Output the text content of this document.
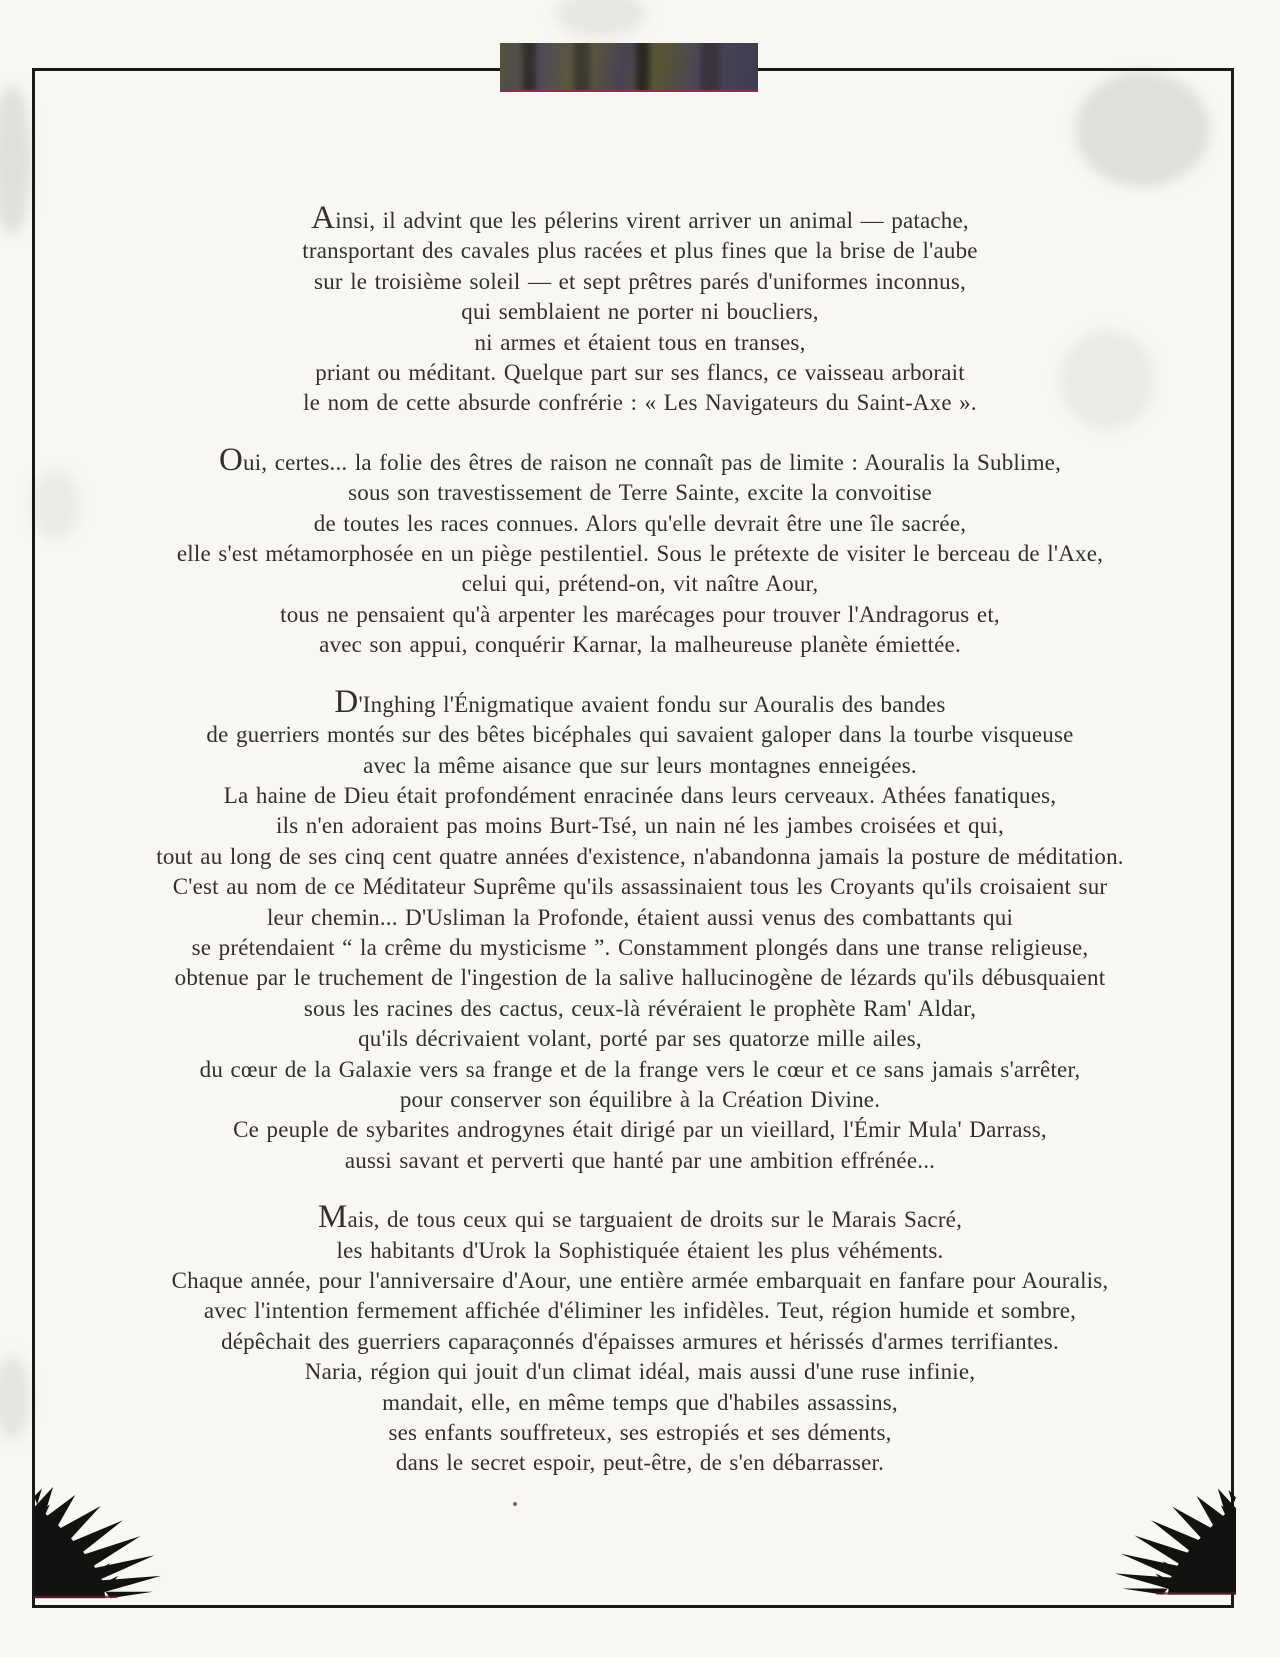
Ainsi, il advint que les pélerins virent arriver un animal — patache,
transportant des cavales plus racées et plus fines que la brise de l'aube
sur le troisième soleil — et sept prêtres parés d'uniformes inconnus,
qui semblaient ne porter ni boucliers,
ni armes et étaient tous en transes,
priant ou méditant. Quelque part sur ses flancs, ce vaisseau arborait
le nom de cette absurde confrérie : « Les Navigateurs du Saint-Axe ».
Oui, certes... la folie des êtres de raison ne connaît pas de limite : Aouralis la Sublime,
sous son travestissement de Terre Sainte, excite la convoitise
de toutes les races connues. Alors qu'elle devrait être une île sacrée,
elle s'est métamorphosée en un piège pestilentiel. Sous le prétexte de visiter le berceau de l'Axe,
celui qui, prétend-on, vit naître Aour,
tous ne pensaient qu'à arpenter les marécages pour trouver l'Andragorus et,
avec son appui, conquérir Karnar, la malheureuse planète émiettée.
D'Inghing l'Énigmatique avaient fondu sur Aouralis des bandes
de guerriers montés sur des bêtes bicéphales qui savaient galoper dans la tourbe visqueuse
avec la même aisance que sur leurs montagnes enneigées.
La haine de Dieu était profondément enracinée dans leurs cerveaux. Athées fanatiques,
ils n'en adoraient pas moins Burt-Tsé, un nain né les jambes croisées et qui,
tout au long de ses cinq cent quatre années d'existence, n'abandonna jamais la posture de méditation.
C'est au nom de ce Méditateur Suprême qu'ils assassinaient tous les Croyants qu'ils croisaient sur
leur chemin... D'Usliman la Profonde, étaient aussi venus des combattants qui
se prétendaient “ la crême du mysticisme ”. Constamment plongés dans une transe religieuse,
obtenue par le truchement de l'ingestion de la salive hallucinogène de lézards qu'ils débusquaient
sous les racines des cactus, ceux-là révéraient le prophète Ram' Aldar,
qu'ils décrivaient volant, porté par ses quatorze mille ailes,
du cœur de la Galaxie vers sa frange et de la frange vers le cœur et ce sans jamais s'arrêter,
pour conserver son équilibre à la Création Divine.
Ce peuple de sybarites androgynes était dirigé par un vieillard, l'Émir Mula' Darrass,
aussi savant et perverti que hanté par une ambition effrénée...
Mais, de tous ceux qui se targuaient de droits sur le Marais Sacré,
les habitants d'Urok la Sophistiquée étaient les plus véhéments.
Chaque année, pour l'anniversaire d'Aour, une entière armée embarquait en fanfare pour Aouralis,
avec l'intention fermement affichée d'éliminer les infidèles. Teut, région humide et sombre,
dépêchait des guerriers caparaçonnés d'épaisses armures et hérissés d'armes terrifiantes.
Naria, région qui jouit d'un climat idéal, mais aussi d'une ruse infinie,
mandait, elle, en même temps que d'habiles assassins,
ses enfants souffreteux, ses estropiés et ses déments,
dans le secret espoir, peut-être, de s'en débarrasser.
